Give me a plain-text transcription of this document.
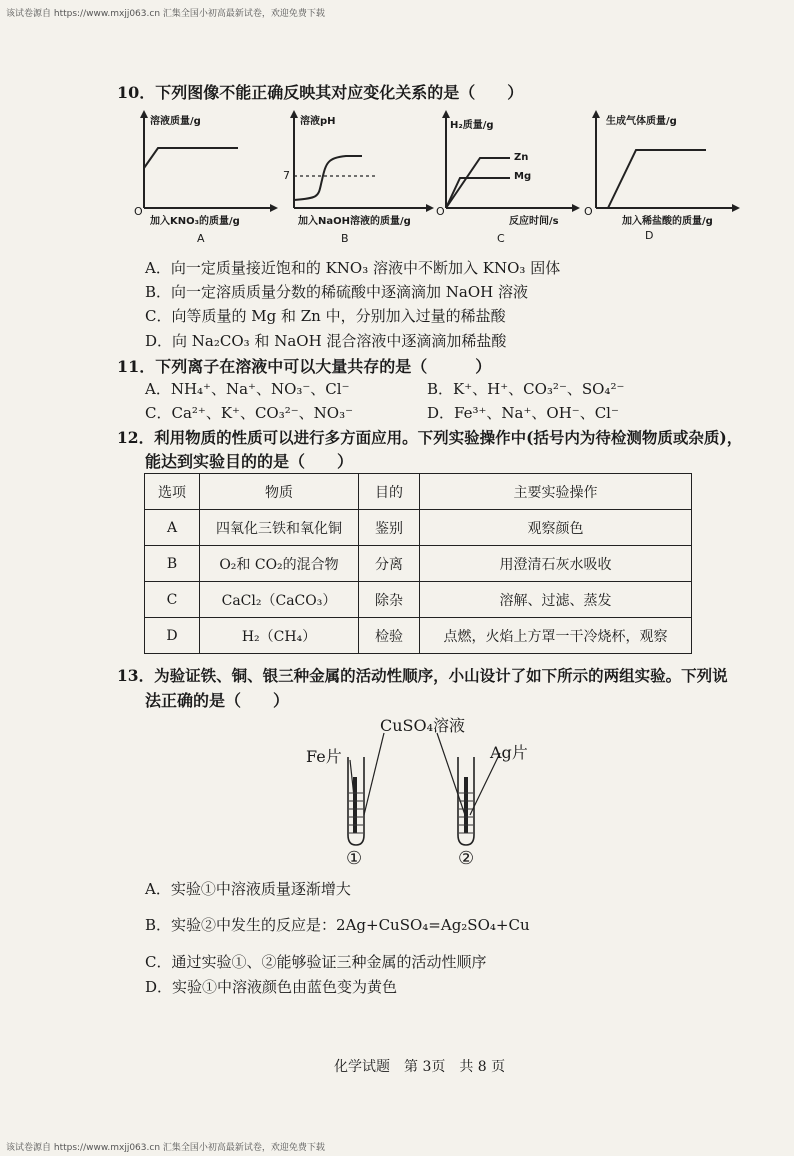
该试卷源自 https://www.mxjj063.cn 汇集全国小初高最新试卷，欢迎免费下载
该试卷源自 https://www.mxjj063.cn 汇集全国小初高最新试卷，欢迎免费下载
10．下列图像不能正确反映其对应变化关系的是（　　）
溶液质量/g
O
加入KNO₃的质量/g
A
溶液pH
7
加入NaOH溶液的质量/g
B
H₂质量/g
O
Zn
Mg
反应时间/s
C
生成气体质量/g
O
加入稀盐酸的质量/g
D
A．向一定质量接近饱和的 KNO₃ 溶液中不断加入 KNO₃ 固体
B．向一定溶质质量分数的稀硫酸中逐滴滴加 NaOH 溶液
C．向等质量的 Mg 和 Zn 中，分别加入过量的稀盐酸
D．向 Na₂CO₃ 和 NaOH 混合溶液中逐滴滴加稀盐酸
11．下列离子在溶液中可以大量共存的是（　　　）
A．NH₄⁺、Na⁺、NO₃⁻、Cl⁻	B．K⁺、H⁺、CO₃²⁻、SO₄²⁻
C．Ca²⁺、K⁺、CO₃²⁻、NO₃⁻	D．Fe³⁺、Na⁺、OH⁻、Cl⁻
12．利用物质的性质可以进行多方面应用。下列实验操作中(括号内为待检测物质或杂质)，
能达到实验目的的是（　　）
选项	物质	目的	主要实验操作
A	四氧化三铁和氧化铜	鉴别	观察颜色
B	O₂和 CO₂的混合物	分离	用澄清石灰水吸收
C	CaCl₂（CaCO₃）	除杂	溶解、过滤、蒸发
D	H₂（CH₄）	检验	点燃，火焰上方罩一干冷烧杯，观察
13．为验证铁、铜、银三种金属的活动性顺序，小山设计了如下所示的两组实验。下列说
法正确的是（　　）
CuSO₄溶液
Fe片	Ag片
①	②
A．实验①中溶液质量逐渐增大
B．实验②中发生的反应是：2Ag+CuSO₄=Ag₂SO₄+Cu
C．通过实验①、②能够验证三种金属的活动性顺序
D．实验①中溶液颜色由蓝色变为黄色
化学试题　第 3页　共 8 页
